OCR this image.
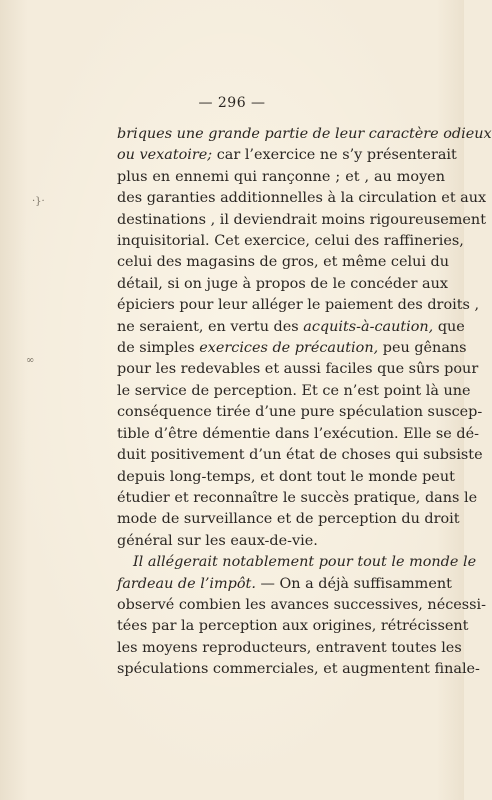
— 296 —
·}·
∞
briques une grande partie de leur caractère odieux
ou vexatoire; car l’exercice ne s’y présenterait
plus en ennemi qui rançonne ; et , au moyen
des garanties additionnelles à la circulation et aux
destinations , il deviendrait moins rigoureusement
inquisitorial. Cet exercice, celui des raffineries,
celui des magasins de gros, et même celui du
détail, si on juge à propos de le concéder aux
épiciers pour leur alléger le paiement des droits ,
ne seraient, en vertu des acquits-à-caution, que
de simples exercices de précaution, peu gênans
pour les redevables et aussi faciles que sûrs pour
le service de perception. Et ce n’est point là une
conséquence tirée d’une pure spéculation suscep-
tible d’être démentie dans l’exécution. Elle se dé-
duit positivement d’un état de choses qui subsiste
depuis long-temps, et dont tout le monde peut
étudier et reconnaître le succès pratique, dans le
mode de surveillance et de perception du droit
général sur les eaux-de-vie.
Il allégerait notablement pour tout le monde le
fardeau de l’impôt. — On a déjà suffisamment
observé combien les avances successives, nécessi-
tées par la perception aux origines, rétrécissent
les moyens reproducteurs, entravent toutes les
spéculations commerciales, et augmentent finale-
